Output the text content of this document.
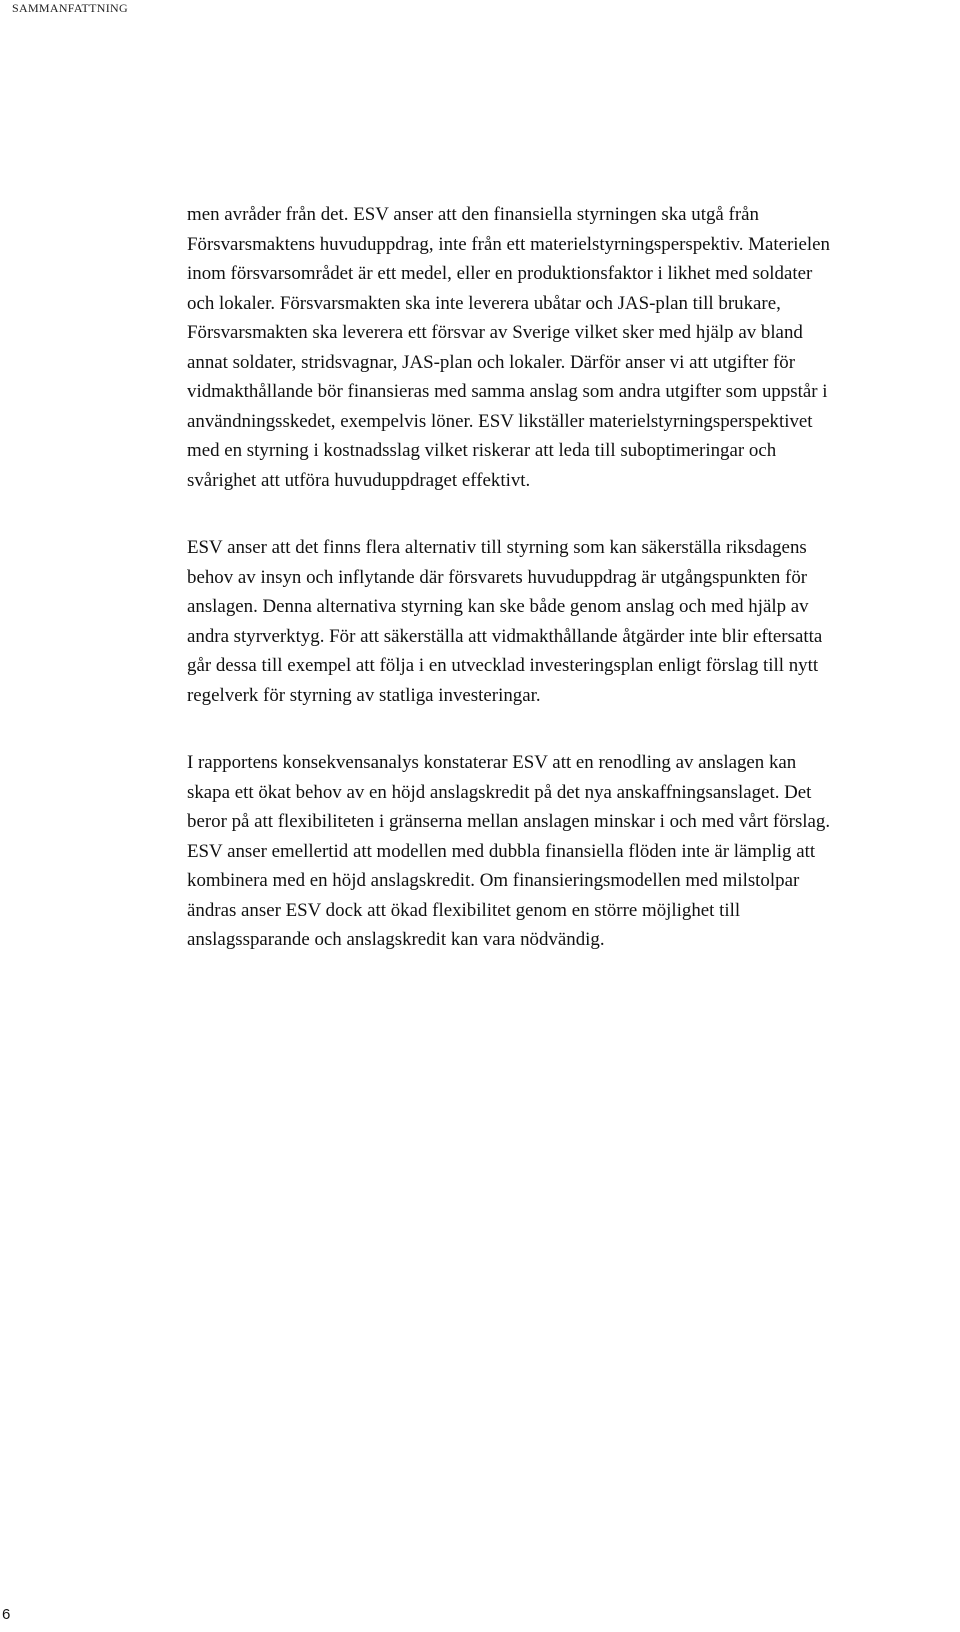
SAMMANFATTNING

men avråder från det. ESV anser att den finansiella styrningen ska utgå från
Försvarsmaktens huvuduppdrag, inte från ett materielstyrningsperspektiv. Materielen
inom försvarsområdet är ett medel, eller en produktionsfaktor i likhet med soldater
och lokaler. Försvarsmakten ska inte leverera ubåtar och JAS-plan till brukare,
Försvarsmakten ska leverera ett försvar av Sverige vilket sker med hjälp av bland
annat soldater, stridsvagnar, JAS-plan och lokaler. Därför anser vi att utgifter för
vidmakthållande bör finansieras med samma anslag som andra utgifter som uppstår i
användningsskedet, exempelvis löner. ESV likställer materielstyrningsperspektivet
med en styrning i kostnadsslag vilket riskerar att leda till suboptimeringar och
svårighet att utföra huvuduppdraget effektivt.

ESV anser att det finns flera alternativ till styrning som kan säkerställa riksdagens
behov av insyn och inflytande där försvarets huvuduppdrag är utgångspunkten för
anslagen. Denna alternativa styrning kan ske både genom anslag och med hjälp av
andra styrverktyg. För att säkerställa att vidmakthållande åtgärder inte blir eftersatta
går dessa till exempel att följa i en utvecklad investeringsplan enligt förslag till nytt
regelverk för styrning av statliga investeringar.

I rapportens konsekvensanalys konstaterar ESV att en renodling av anslagen kan
skapa ett ökat behov av en höjd anslagskredit på det nya anskaffningsanslaget. Det
beror på att flexibiliteten i gränserna mellan anslagen minskar i och med vårt förslag.
ESV anser emellertid att modellen med dubbla finansiella flöden inte är lämplig att
kombinera med en höjd anslagskredit. Om finansieringsmodellen med milstolpar
ändras anser ESV dock att ökad flexibilitet genom en större möjlighet till
anslagssparande och anslagskredit kan vara nödvändig.

6
